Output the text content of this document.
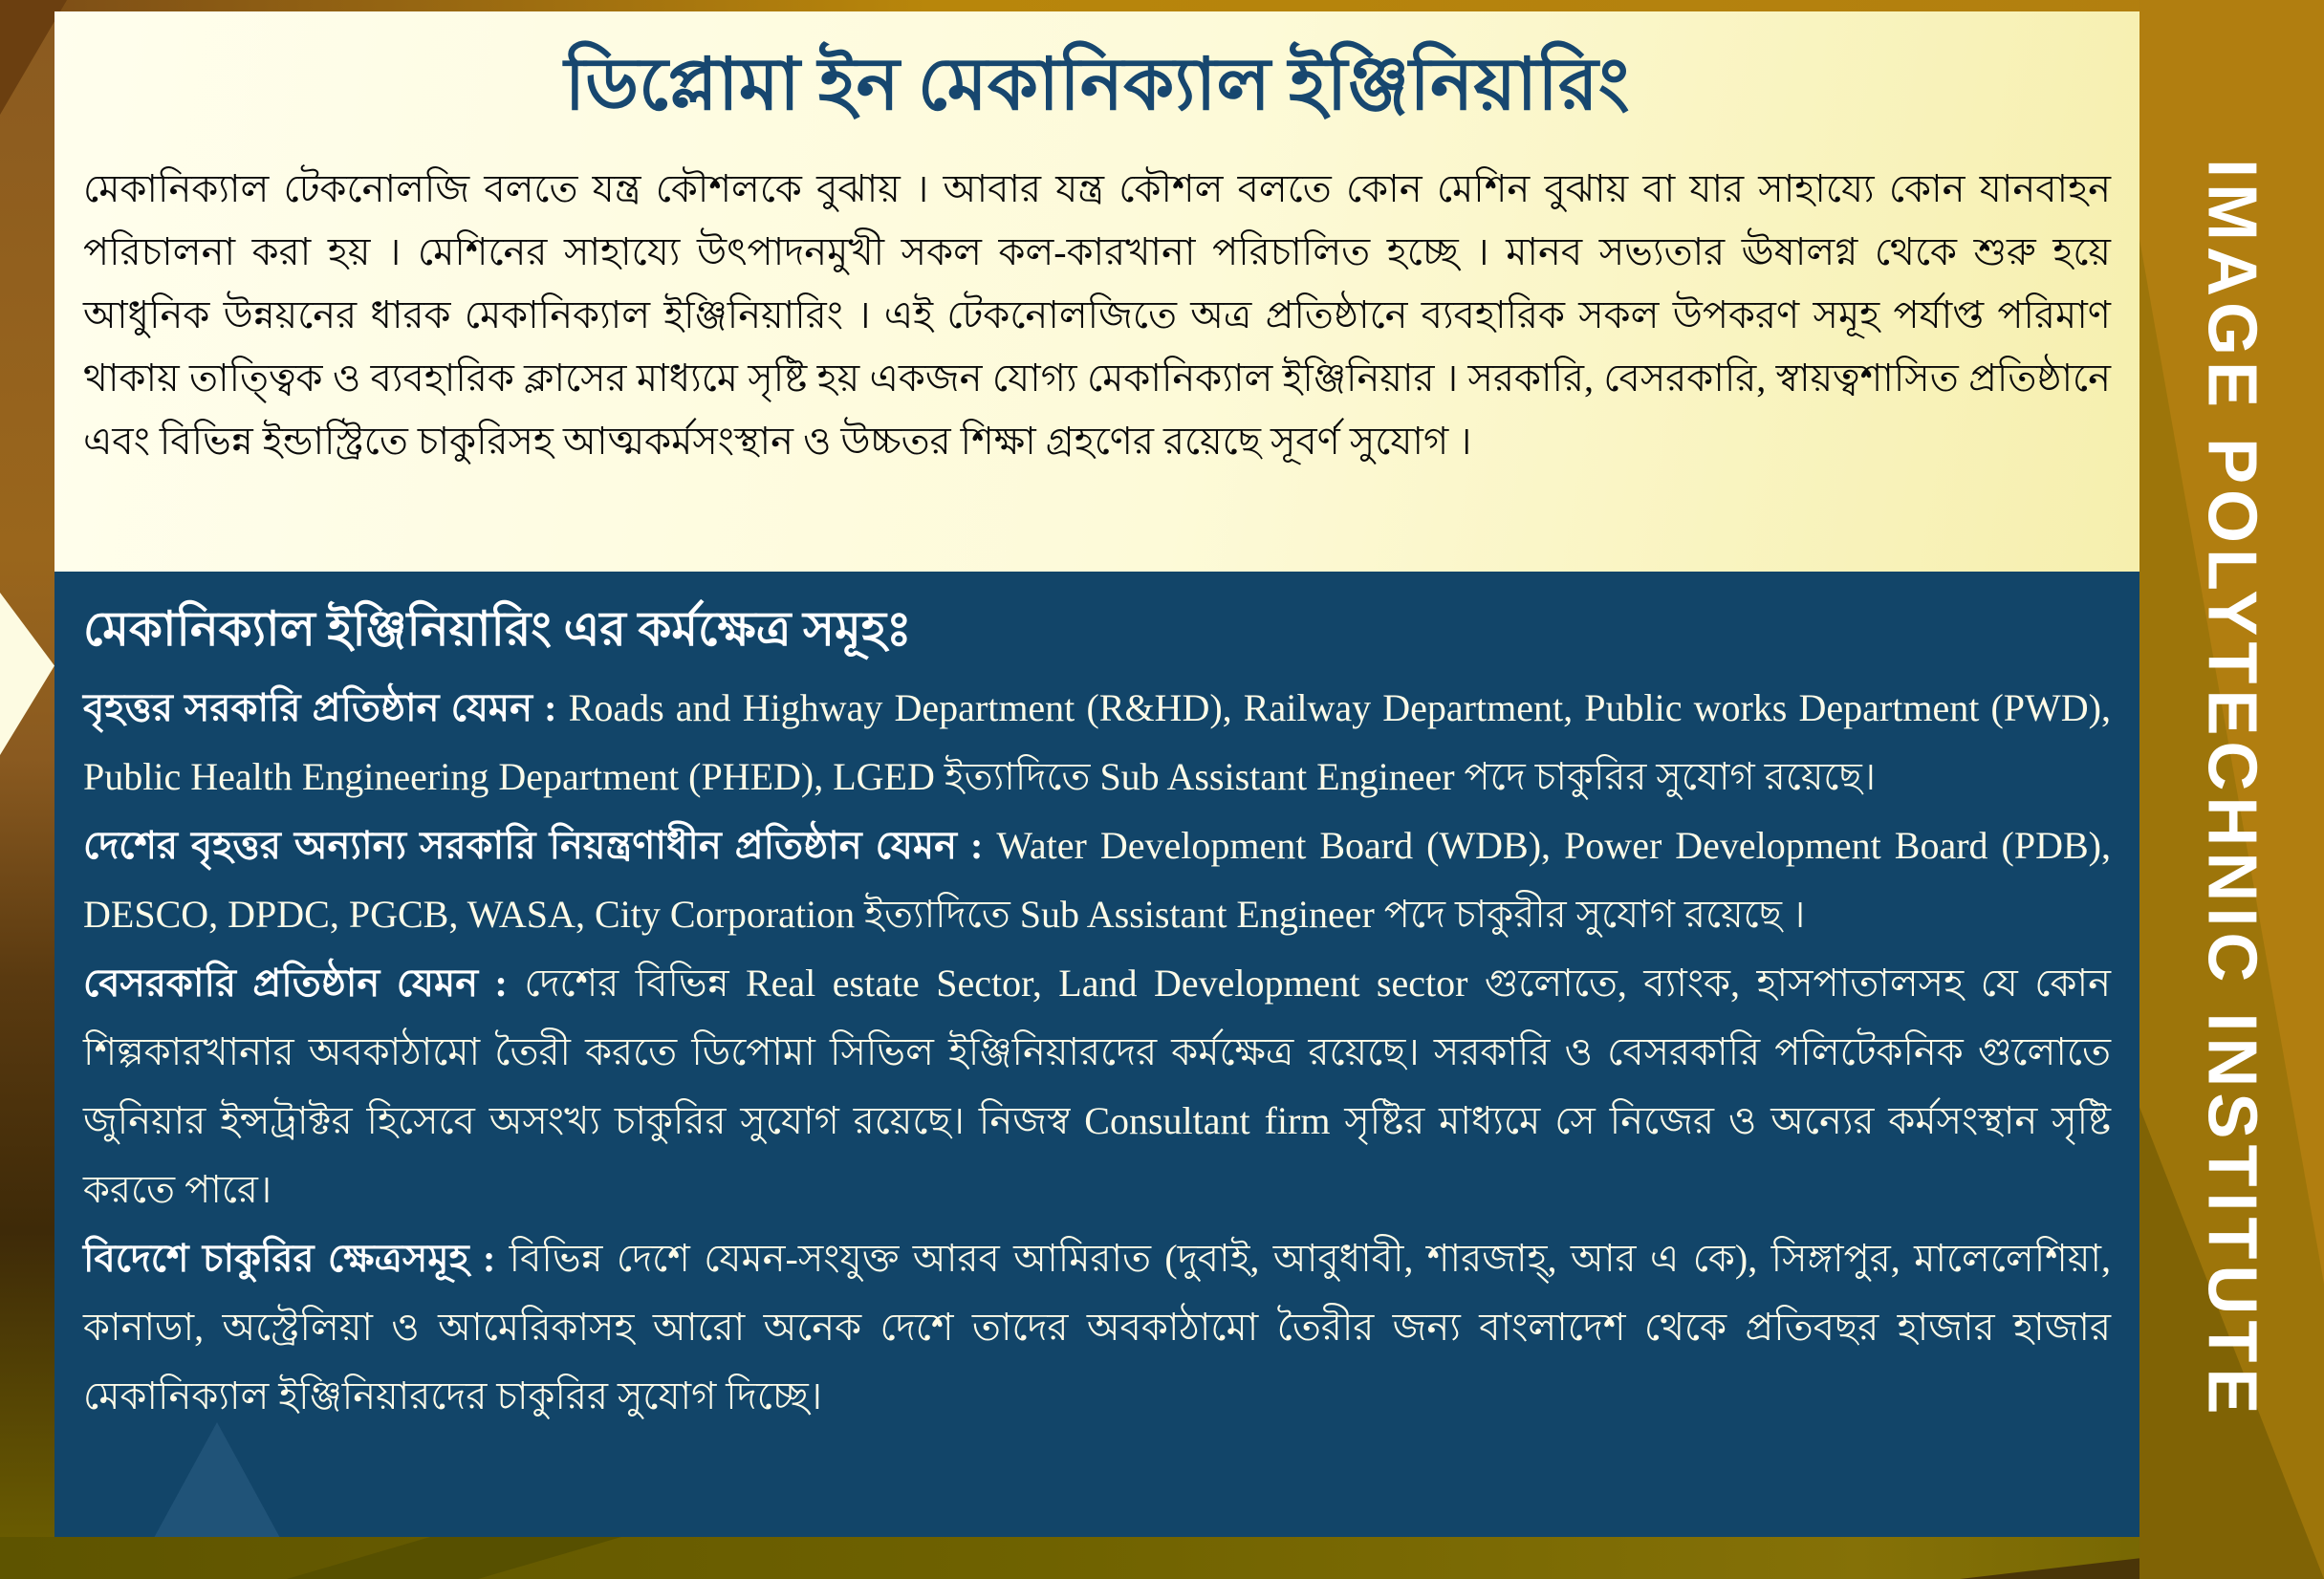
IMAGE POLYTECHNIC INSTITUTE
ডিপ্লোমা ইন মেকানিক্যাল ইঞ্জিনিয়ারিং

মেকানিক্যাল টেকনোলজি বলতে যন্ত্র কৌশলকে বুঝায় । আবার যন্ত্র কৌশল বলতে কোন মেশিন বুঝায় বা যার সাহায্যে কোন যানবাহন পরিচালনা করা হয় । মেশিনের সাহায্যে উৎপাদনমুখী সকল কল-কারখানা পরিচালিত হচ্ছে । মানব সভ্যতার ঊষালগ্ন থেকে শুরু হয়ে আধুনিক উন্নয়নের ধারক মেকানিক্যাল ইঞ্জিনিয়ারিং । এই টেকনোলজিতে অত্র প্রতিষ্ঠানে ব্যবহারিক সকল উপকরণ সমূহ পর্যাপ্ত পরিমাণ থাকায় তাত্ত্বিক ও ব্যবহারিক ক্লাসের মাধ্যমে সৃষ্টি হয় একজন যোগ্য মেকানিক্যাল ইঞ্জিনিয়ার । সরকারি, বেসরকারি, স্বায়ত্বশাসিত প্রতিষ্ঠানে এবং বিভিন্ন ইন্ডাস্ট্রিতে চাকুরিসহ আত্মকর্মসংস্থান ও উচ্চতর শিক্ষা গ্রহণের রয়েছে সূবর্ণ সুযোগ ।

মেকানিক্যাল ইঞ্জিনিয়ারিং এর কর্মক্ষেত্র সমূহঃ

বৃহত্তর সরকারি প্রতিষ্ঠান যেমন : Roads and Highway Department (R&HD), Railway Department, Public works Department (PWD), Public Health Engineering Department (PHED), LGED ইত্যাদিতে Sub Assistant Engineer পদে চাকুরির সুযোগ রয়েছে।

দেশের বৃহত্তর অন্যান্য সরকারি নিয়ন্ত্রণাধীন প্রতিষ্ঠান যেমন : Water Development Board (WDB), Power Development Board (PDB), DESCO, DPDC, PGCB, WASA, City Corporation ইত্যাদিতে Sub Assistant Engineer পদে চাকুরীর সুযোগ রয়েছে ।

বেসরকারি প্রতিষ্ঠান যেমন : দেশের বিভিন্ন Real estate Sector, Land Development sector গুলোতে, ব্যাংক, হাসপাতালসহ যে কোন শিল্পকারখানার অবকাঠামো তৈরী করতে ডিপোমা সিভিল ইঞ্জিনিয়ারদের কর্মক্ষেত্র রয়েছে। সরকারি ও বেসরকারি পলিটেকনিক গুলোতে জুনিয়ার ইন্সট্রাক্টর হিসেবে অসংখ্য চাকুরির সুযোগ রয়েছে। নিজস্ব Consultant firm সৃষ্টির মাধ্যমে সে নিজের ও অন্যের কর্মসংস্থান সৃষ্টি করতে পারে।

বিদেশে চাকুরির ক্ষেত্রসমূহ : বিভিন্ন দেশে যেমন-সংযুক্ত আরব আমিরাত (দুবাই, আবুধাবী, শারজাহ্, আর এ কে), সিঙ্গাপুর, মালেলেশিয়া, কানাডা, অস্ট্রেলিয়া ও আমেরিকাসহ আরো অনেক দেশে তাদের অবকাঠামো তৈরীর জন্য বাংলাদেশ থেকে প্রতিবছর হাজার হাজার মেকানিক্যাল ইঞ্জিনিয়ারদের চাকুরির সুযোগ দিচ্ছে।
